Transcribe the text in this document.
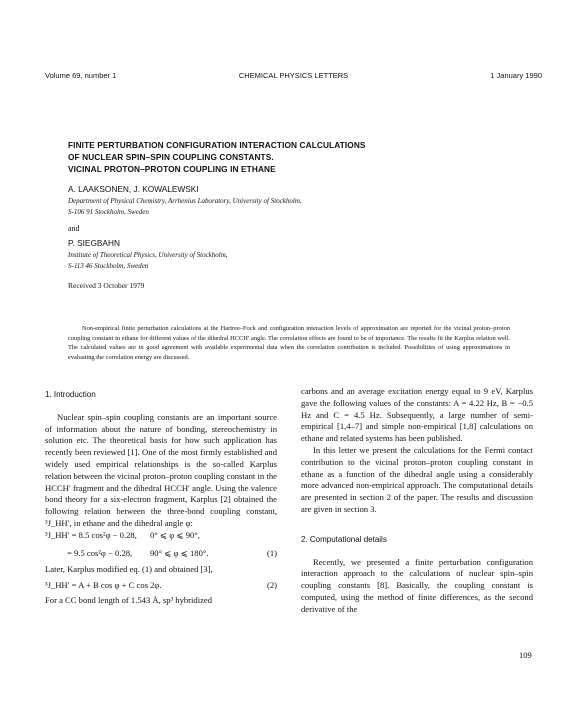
Volume 69, number 1	CHEMICAL PHYSICS LETTERS	1 January 1990
FINITE PERTURBATION CONFIGURATION INTERACTION CALCULATIONS
OF NUCLEAR SPIN–SPIN COUPLING CONSTANTS.
VICINAL PROTON–PROTON COUPLING IN ETHANE
A. LAAKSONEN, J. KOWALEWSKI
Department of Physical Chemistry, Arrhenius Laboratory, University of Stockholm,
S-106 91 Stockholm, Sweden
and
P. SIEGBAHN
Institute of Theoretical Physics, University of Stockholm,
S-113 46 Stockholm, Sweden
Received 3 October 1979

Non-empirical finite perturbation calculations at the Hartree–Fock and configuration interaction levels of approximation are reported for the vicinal proton–proton coupling constant in ethane for different values of the dihedral HCCH′ angle. The correlation effects are found to be of importance. The results fit the Karplus relation well. The calculated values are in good agreement with available experimental data when the correlation contribution is included. Possibilities of using approximations in evaluating the correlation energy are discussed.

1. Introduction

Nuclear spin–spin coupling constants are an important source of information about the nature of bonding, stereochemistry in solution etc. The theoretical basis for how such application has recently been reviewed [1]. One of the most firmly established and widely used empirical relationships is the so-called Karplus relation between the vicinal proton–proton coupling constant in the HCCH′ fragment and the dihedral HCCH′ angle. Using the valence bond theory for a six-electron fragment, Karplus [2] obtained the following relation between the three-bond coupling constant, ³J_HH′, in ethane and the dihedral angle φ:

³J_HH′ = 8.5 cos²φ − 0.28, 0° ⩽ φ ⩽ 90°,
= 9.5 cos²φ − 0.28, 90° ⩽ φ ⩽ 180°.	(1)

Later, Karplus modified eq. (1) and obtained [3],

³J_HH′ = A + B cos φ + C cos 2φ.	(2)

For a CC bond length of 1.543 Å, sp³ hybridized

carbons and an average excitation energy equal to 9 eV, Karplus gave the following values of the constants: A = 4.22 Hz, B = −0.5 Hz and C = 4.5 Hz. Subsequently, a large number of semi-empirical [1,4–7] and simple non-empirical [1,8] calculations on ethane and related systems has been published.

In this letter we present the calculations for the Fermi contact contribution to the vicinal proton–proton coupling constant in ethane as a function of the dihedral angle using a considerably more advanced non-empirical approach. The computational details are presented in section 2 of the paper. The results and discussion are given in section 3.

2. Computational details

Recently, we presented a finite perturbation configuration interaction approach to the calculations of nuclear spin–spin coupling constants [8]. Basically, the coupling constant is computed, using the method of finite differences, as the second derivative of the

109
